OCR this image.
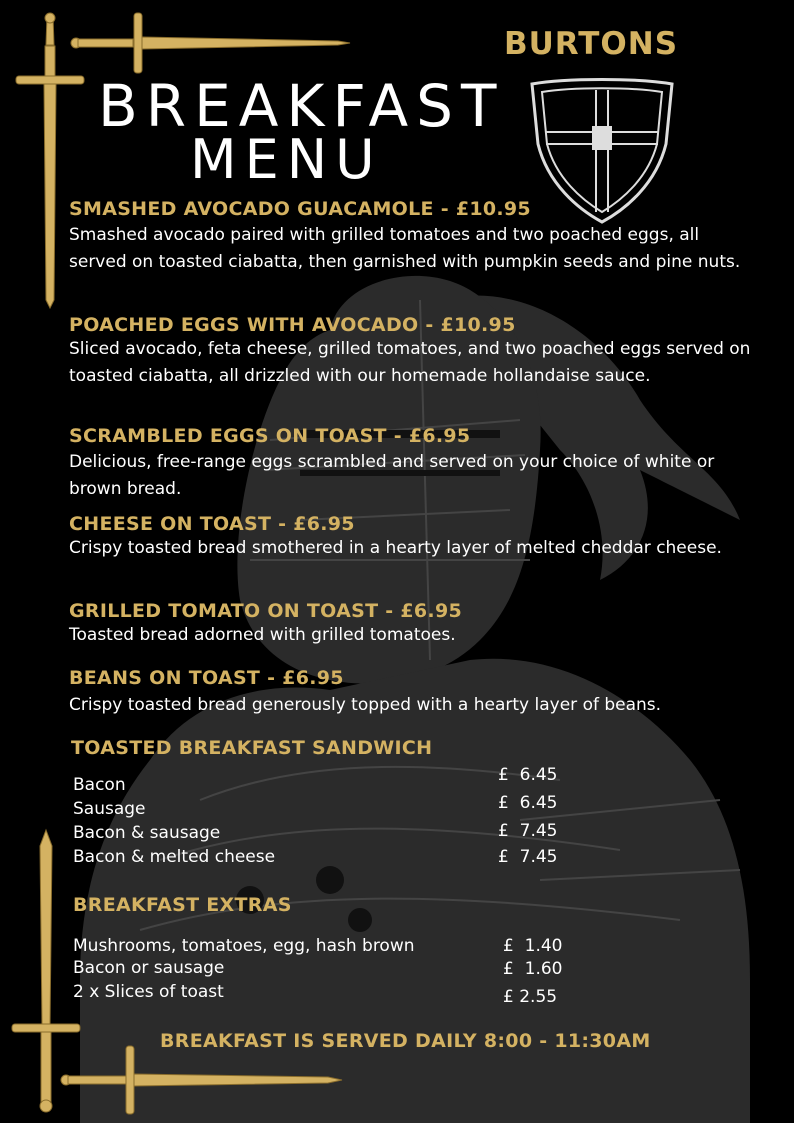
BURTONS
BREAKFAST
MENU
SMASHED AVOCADO GUACAMOLE - £10.95
Smashed avocado paired with grilled tomatoes and two poached eggs, all served on toasted ciabatta, then garnished with pumpkin seeds and pine nuts.
POACHED EGGS WITH AVOCADO - £10.95
Sliced avocado, feta cheese, grilled tomatoes, and two poached eggs served on toasted ciabatta, all drizzled with our homemade hollandaise sauce.
SCRAMBLED EGGS ON TOAST - £6.95
Delicious, free-range eggs scrambled and served on your choice of white or brown bread.
CHEESE ON TOAST - £6.95
Crispy toasted bread smothered in a hearty layer of melted cheddar cheese.
GRILLED TOMATO ON TOAST - £6.95
Toasted bread adorned with grilled tomatoes.
BEANS ON TOAST - £6.95
Crispy toasted bread generously topped with a hearty layer of beans.
TOASTED BREAKFAST SANDWICH
Bacon	£  6.45
Sausage	£  6.45
Bacon & sausage	£  7.45
Bacon & melted cheese	£  7.45
BREAKFAST EXTRAS
Mushrooms, tomatoes, egg, hash brown	£  1.40
Bacon or sausage	£  1.60
2 x Slices of toast	£ 2.55
BREAKFAST IS SERVED DAILY 8:00 - 11:30AM
